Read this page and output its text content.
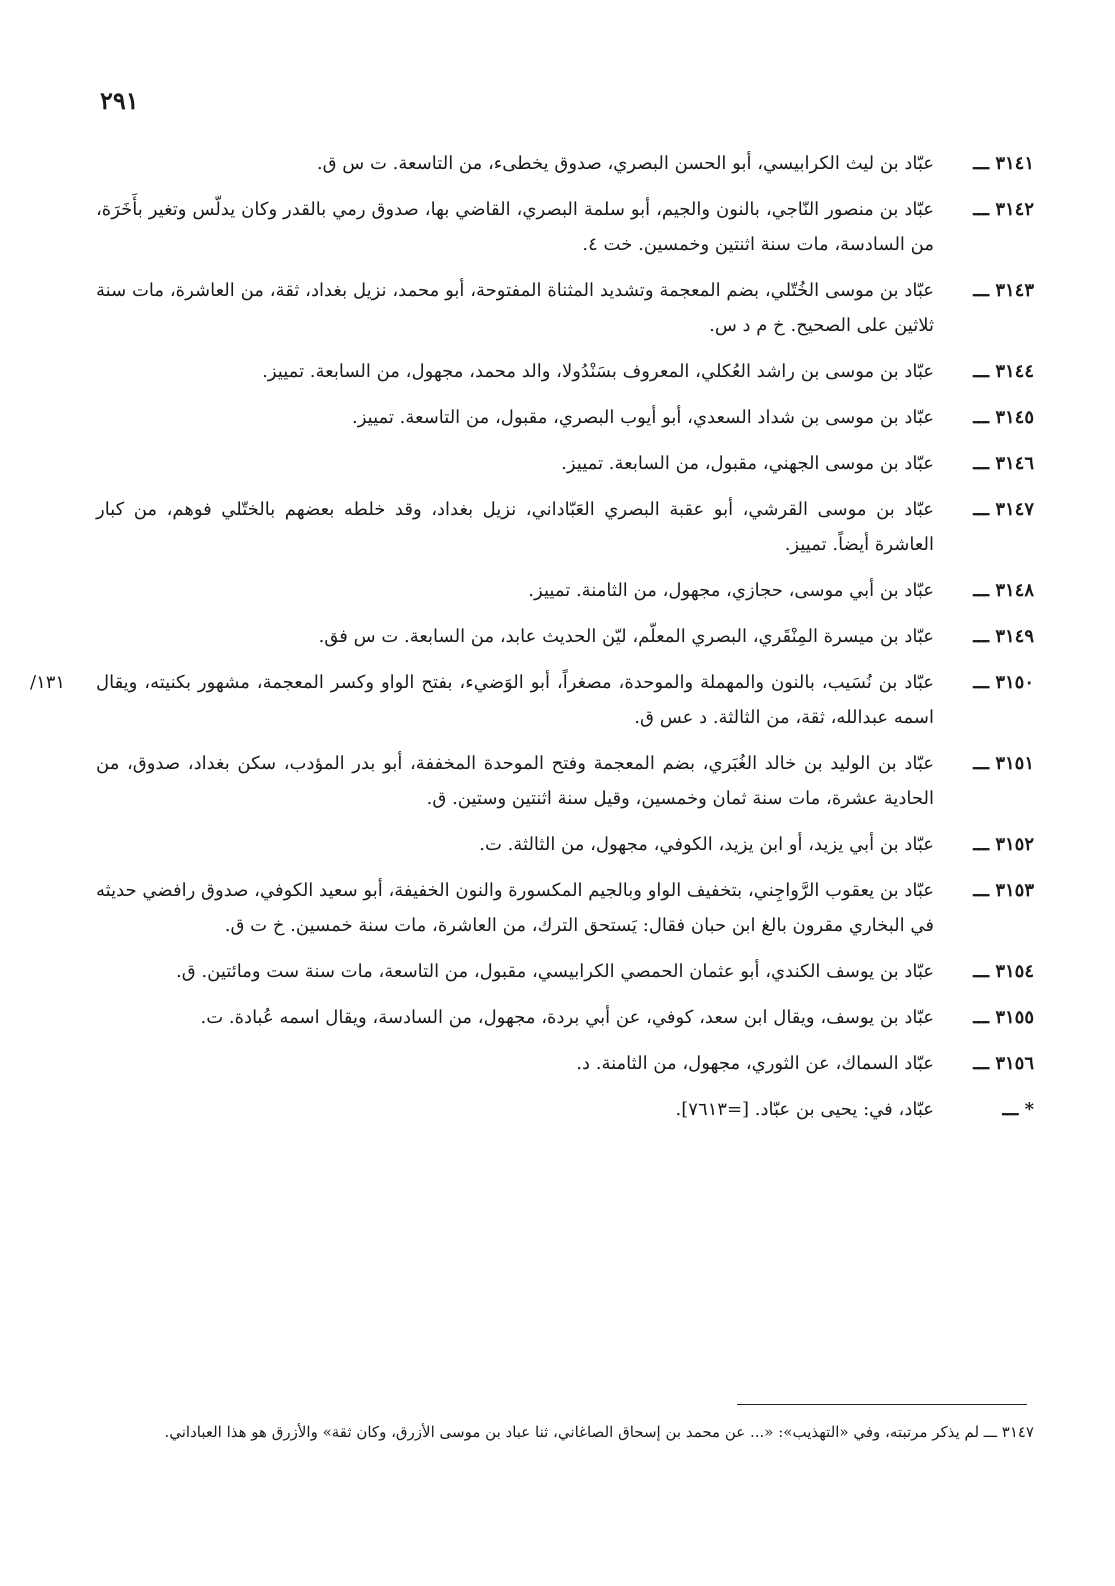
٢٩١
٣١٤١ ـــ
عبّاد بن ليث الكرابيسي، أبو الحسن البصري، صدوق يخطىء، من التاسعة. ت س ق.
٣١٤٢ ـــ
عبّاد بن منصور النّاجي، بالنون والجيم، أبو سلمة البصري، القاضي بها، صدوق رمي بالقدر وكان يدلّس وتغير بأَخَرَة، من السادسة، مات سنة اثنتين وخمسين. خت ٤.
٣١٤٣ ـــ
عبّاد بن موسى الخُتّلي، بضم المعجمة وتشديد المثناة المفتوحة، أبو محمد، نزيل بغداد، ثقة، من العاشرة، مات سنة ثلاثين على الصحيح. خ م د س.
٣١٤٤ ـــ
عبّاد بن موسى بن راشد العُكلي، المعروف بسَنْدُولا، والد محمد، مجهول، من السابعة. تمييز.
٣١٤٥ ـــ
عبّاد بن موسى بن شداد السعدي، أبو أيوب البصري، مقبول، من التاسعة. تمييز.
٣١٤٦ ـــ
عبّاد بن موسى الجهني، مقبول، من السابعة. تمييز.
٣١٤٧ ـــ
عبّاد بن موسى القرشي، أبو عقبة البصري العَبّاداني، نزيل بغداد، وقد خلطه بعضهم بالختّلي فوهم، من كبار العاشرة أيضاً. تمييز.
٣١٤٨ ـــ
عبّاد بن أبي موسى، حجازي، مجهول، من الثامنة. تمييز.
٣١٤٩ ـــ
عبّاد بن ميسرة المِنْقَري، البصري المعلّم، ليّن الحديث عابد، من السابعة. ت س فق.
٣١٥٠ ـــ
عبّاد بن نُسَيب، بالنون والمهملة والموحدة، مصغراً، أبو الوَضيء، بفتح الواو وكسر المعجمة، مشهور بكنيته، ويقال اسمه عبدالله، ثقة، من الثالثة. د عس ق.
١٣١/
٣١٥١ ـــ
عبّاد بن الوليد بن خالد الغُبَري، بضم المعجمة وفتح الموحدة المخففة، أبو بدر المؤدب، سكن بغداد، صدوق، من الحادية عشرة، مات سنة ثمان وخمسين، وقيل سنة اثنتين وستين. ق.
٣١٥٢ ـــ
عبّاد بن أبي يزيد، أو ابن يزيد، الكوفي، مجهول، من الثالثة. ت.
٣١٥٣ ـــ
عبّاد بن يعقوب الرَّواجِني، بتخفيف الواو وبالجيم المكسورة والنون الخفيفة، أبو سعيد الكوفي، صدوق رافضي حديثه في البخاري مقرون بالغ ابن حبان فقال: يَستحق الترك، من العاشرة، مات سنة خمسين. خ ت ق.
٣١٥٤ ـــ
عبّاد بن يوسف الكندي، أبو عثمان الحمصي الكرابيسي، مقبول، من التاسعة، مات سنة ست ومائتين. ق.
٣١٥٥ ـــ
عبّاد بن يوسف، ويقال ابن سعد، كوفي، عن أبي بردة، مجهول، من السادسة، ويقال اسمه عُبادة. ت.
٣١٥٦ ـــ
عبّاد السماك، عن الثوري، مجهول، من الثامنة. د.
* ـــ
عبّاد، في: يحيى بن عبّاد. [=٧٦١٣].
٣١٤٧ ـــ لم يذكر مرتبته، وفي «التهذيب»: «... عن محمد بن إسحاق الصاغاني، ثنا عباد بن موسى الأزرق، وكان ثقة» والأزرق هو هذا العباداني.
